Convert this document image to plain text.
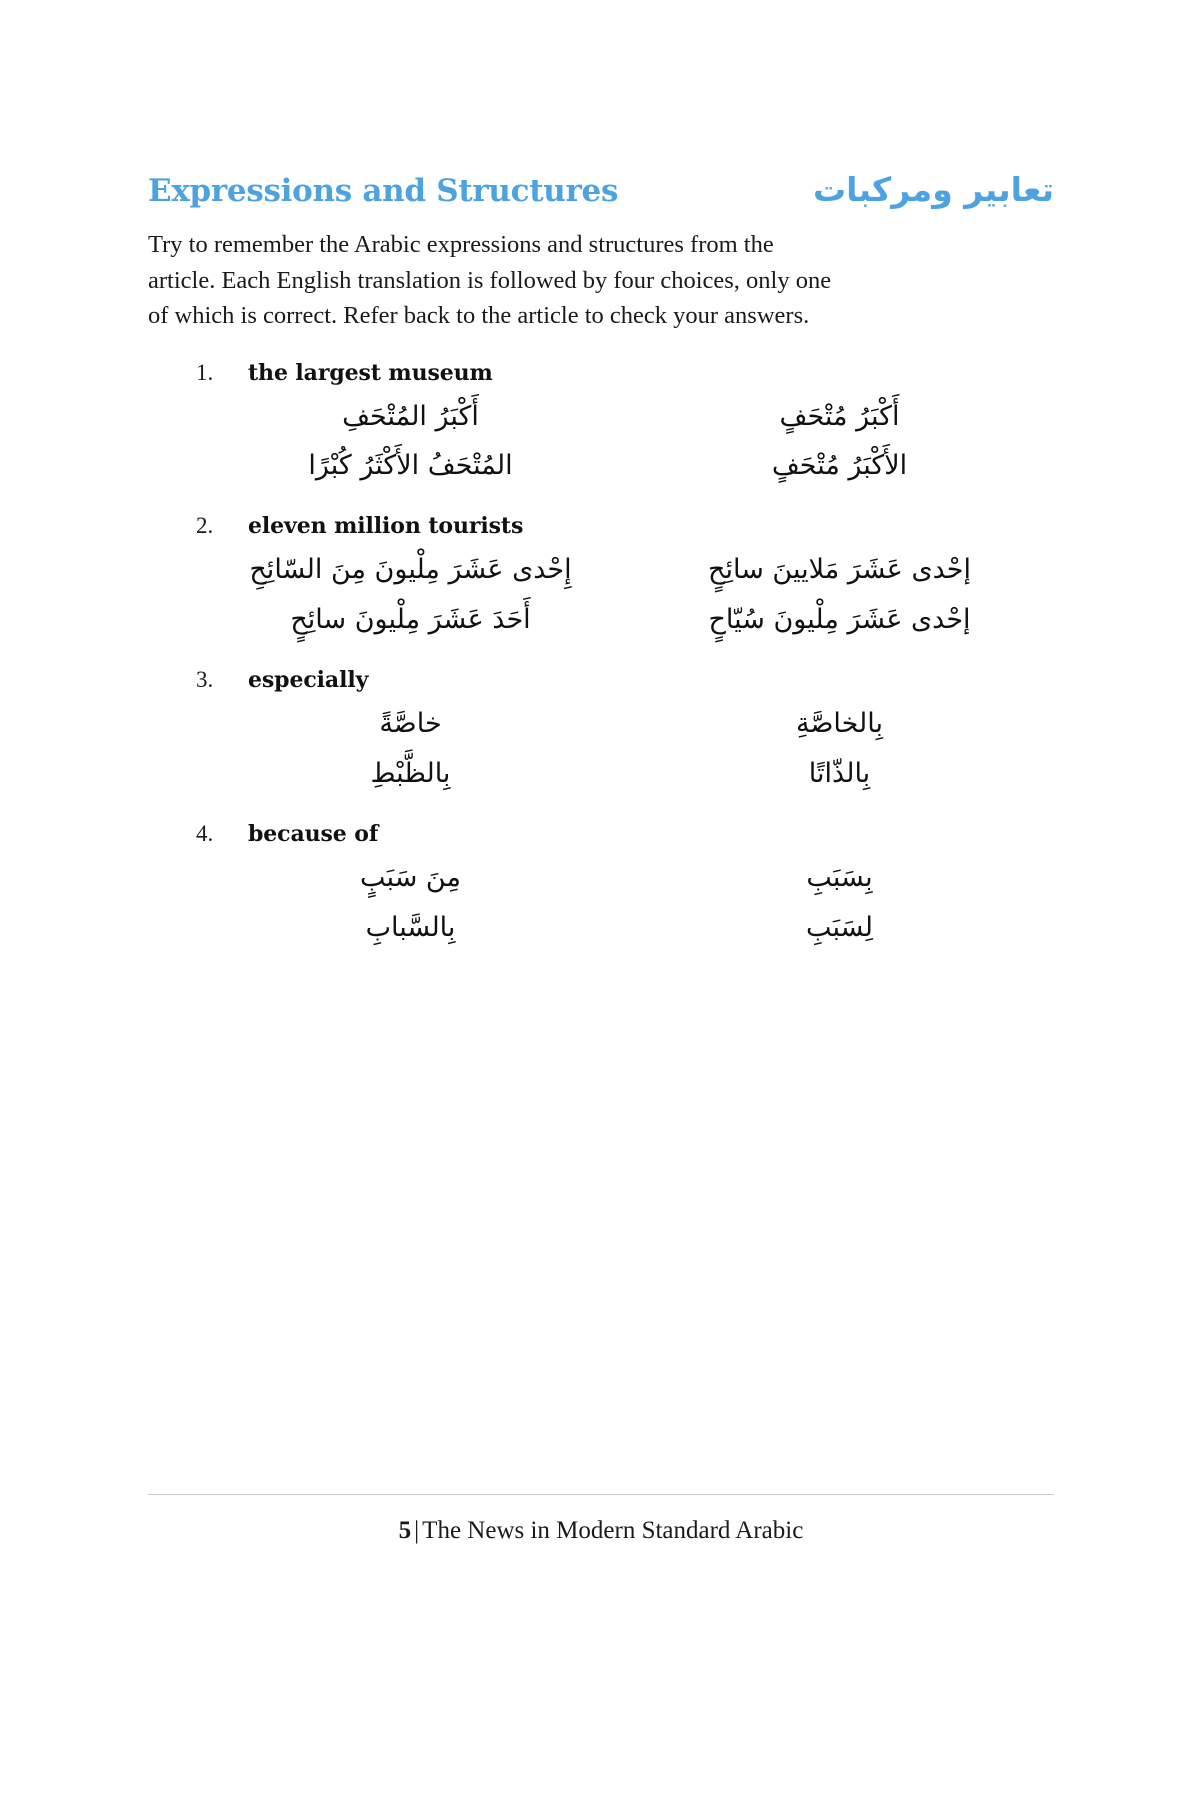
Expressions and Structures	تعابير ومركبات
Try to remember the Arabic expressions and structures from the
article. Each English translation is followed by four choices, only one
of which is correct. Refer back to the article to check your answers.
1.	the largest museum
أَكْبَرُ المُتْحَفِ	أَكْبَرُ مُتْحَفٍ
المُتْحَفُ الأَكْثَرُ كُبْرًا	الأَكْبَرُ مُتْحَفٍ
2.	eleven million tourists
إِحْدى عَشَرَ مِلْيونَ مِنَ السّائِحِ	إحْدى عَشَرَ مَلايينَ سائِحٍ
أَحَدَ عَشَرَ مِلْيونَ سائِحٍ	إحْدى عَشَرَ مِلْيونَ سُيّاحٍ
3.	especially
خاصَّةً	بِالخاصَّةِ
بِالظَّبْطِ	بِالذّاتًا
4.	because of
مِنَ سَبَبٍ	بِسَبَبِ
بِالسَّبابِ	لِسَبَبِ
5 | The News in Modern Standard Arabic
